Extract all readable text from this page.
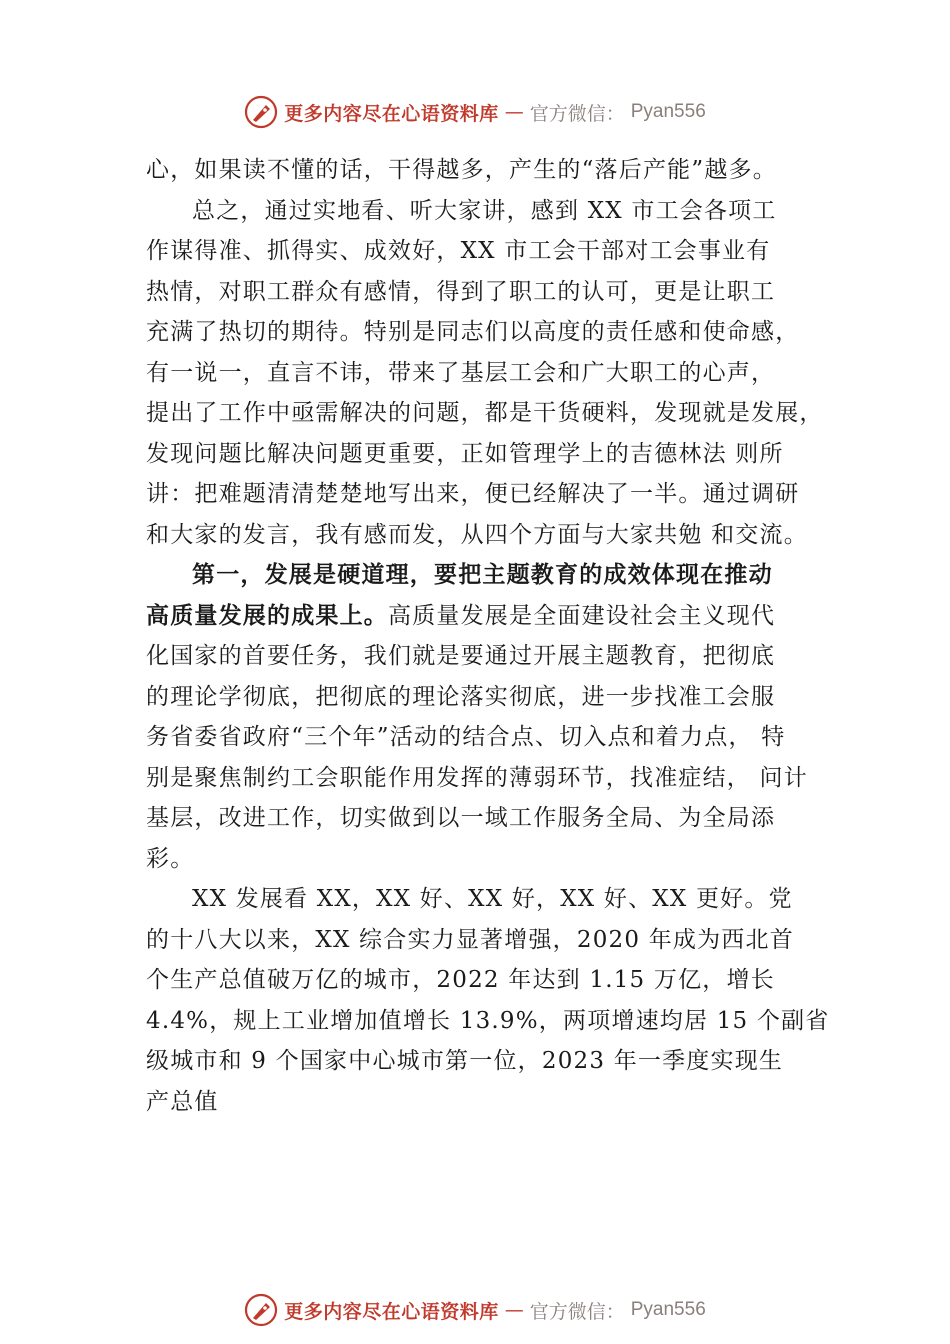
更多内容尽在心语资料库 — 官方微信： Pyan556
心，如果读不懂的话，干得越多，产生的“落后产能”越多。
总之，通过实地看、听大家讲，感到 XX 市工会各项工
作谋得准、抓得实、成效好，XX 市工会干部对工会事业有
热情，对职工群众有感情，得到了职工的认可，更是让职工
充满了热切的期待。特别是同志们以高度的责任感和使命感，
有一说一，直言不讳，带来了基层工会和广大职工的心声，
提出了工作中亟需解决的问题，都是干货硬料，发现就是发展，
发现问题比解决问题更重要，正如管理学上的吉德林法 则所
讲：把难题清清楚楚地写出来，便已经解决了一半。通过调研
和大家的发言，我有感而发，从四个方面与大家共勉 和交流。
第一，发展是硬道理，要把主题教育的成效体现在推动
高质量发展的成果上。高质量发展是全面建设社会主义现代
化国家的首要任务，我们就是要通过开展主题教育，把彻底
的理论学彻底，把彻底的理论落实彻底，进一步找准工会服
务省委省政府“三个年”活动的结合点、切入点和着力点， 特
别是聚焦制约工会职能作用发挥的薄弱环节，找准症结， 问计
基层，改进工作，切实做到以一域工作服务全局、为全局添
彩。
XX 发展看 XX，XX 好、XX 好，XX 好、XX 更好。党
的十八大以来，XX 综合实力显著增强，2020 年成为西北首
个生产总值破万亿的城市，2022 年达到 1.15 万亿，增长
4.4%，规上工业增加值增长 13.9%，两项增速均居 15 个副省
级城市和 9 个国家中心城市第一位，2023 年一季度实现生
产总值
更多内容尽在心语资料库 — 官方微信： Pyan556
